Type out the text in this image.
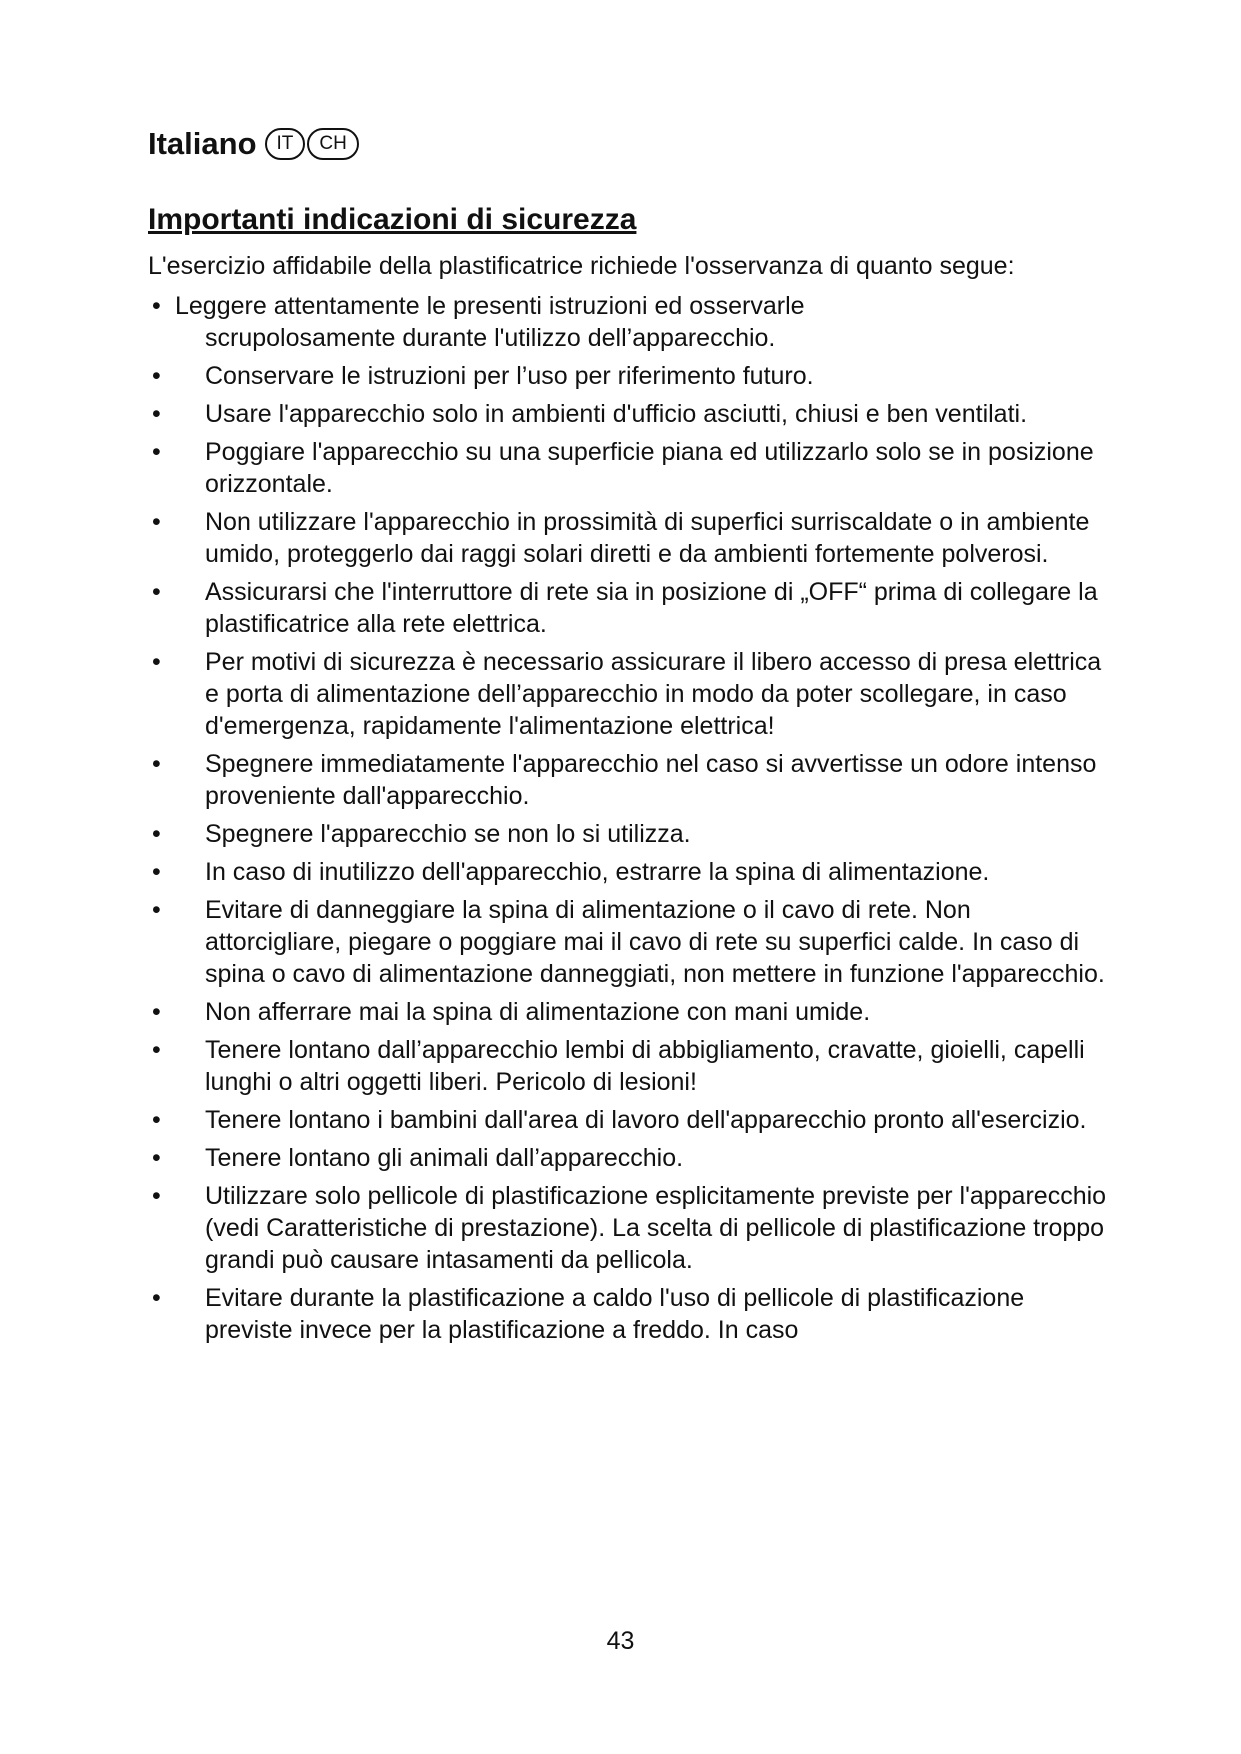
Italiano	IT	CH
Importanti indicazioni di sicurezza

L'esercizio affidabile della plastificatrice richiede l'osservanza di quanto segue:

• Leggere attentamente le presenti istruzioni ed osservarle
scrupolosamente durante l'utilizzo dell’apparecchio.
• Conservare le istruzioni per l’uso per riferimento futuro.
• Usare l'apparecchio solo in ambienti d'ufficio asciutti, chiusi e ben ventilati.
• Poggiare l'apparecchio su una superficie piana ed utilizzarlo solo se in posizione orizzontale.
• Non utilizzare l'apparecchio in prossimità di superfici surriscaldate o in ambiente umido, proteggerlo dai raggi solari diretti e da ambienti fortemente polverosi.
• Assicurarsi che l'interruttore di rete sia in posizione di „OFF“ prima di collegare la plastificatrice alla rete elettrica.
• Per motivi di sicurezza è necessario assicurare il libero accesso di presa elettrica e porta di alimentazione dell’apparecchio in modo da poter scollegare, in caso d'emergenza, rapidamente l'alimentazione elettrica!
• Spegnere immediatamente l'apparecchio nel caso si avvertisse un odore intenso proveniente dall'apparecchio.
• Spegnere l'apparecchio se non lo si utilizza.
• In caso di inutilizzo dell'apparecchio, estrarre la spina di alimentazione.
• Evitare di danneggiare la spina di alimentazione o il cavo di rete. Non attorcigliare, piegare o poggiare mai il cavo di rete su superfici calde. In caso di spina o cavo di alimentazione danneggiati, non mettere in funzione l'apparecchio.
• Non afferrare mai la spina di alimentazione con mani umide.
• Tenere lontano dall’apparecchio lembi di abbigliamento, cravatte, gioielli, capelli lunghi o altri oggetti liberi. Pericolo di lesioni!
• Tenere lontano i bambini dall'area di lavoro dell'apparecchio pronto all'esercizio.
• Tenere lontano gli animali dall’apparecchio.
• Utilizzare solo pellicole di plastificazione esplicitamente previste per l'apparecchio (vedi Caratteristiche di prestazione). La scelta di pellicole di plastificazione troppo grandi può causare intasamenti da pellicola.
• Evitare durante la plastificazione a caldo l'uso di pellicole di plastificazione previste invece per la plastificazione a freddo. In caso
43
